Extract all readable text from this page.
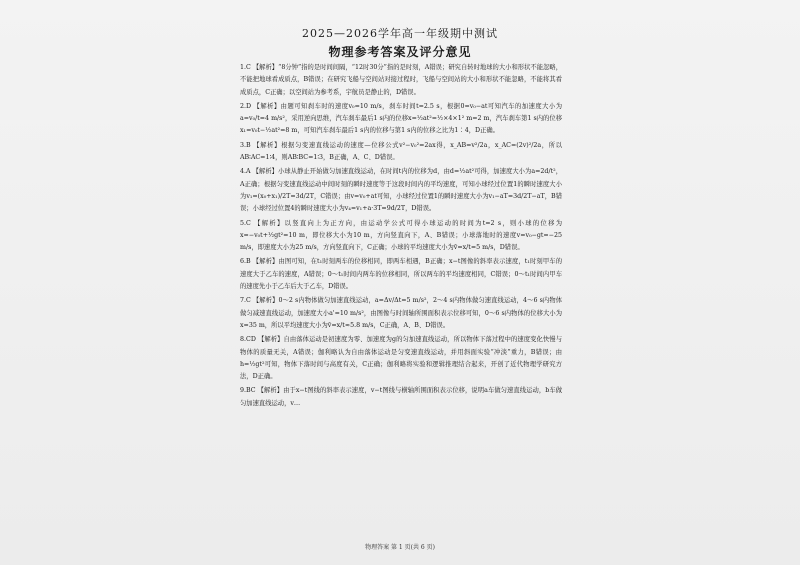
2025—2026学年高一年级期中测试
物理参考答案及评分意见

1.C 【解析】“8分钟”指的是时间间隔，“12时30分”指的是时刻，A错误；研究自转时地球的大小和形状不能忽略，不能把地球看成质点，B错误；在研究飞船与空间站对接过程时，飞船与空间站的大小和形状不能忽略，不能将其看成质点，C正确；以空间站为参考系，宇航员是静止的，D错误。

2.D 【解析】由题可知刹车时的速度v₀=10 m/s，刹车时间t=2.5 s，根据0=v₀−at可知汽车的加速度大小为a=v₀/t=4 m/s²，采用逆向思维，汽车刹车最后1 s内的位移x=½at²=½×4×1² m=2 m，汽车刹车第1 s内的位移x₁=v₀t−½at²=8 m，可知汽车刹车最后1 s内的位移与第1 s内的位移之比为1∶4，D正确。

3.B 【解析】根据匀变速直线运动的速度—位移公式v²−v₀²=2ax得，x_AB=v²/2a，x_AC=(2v)²/2a，所以AB∶AC=1∶4，则AB∶BC=1∶3，B正确，A、C、D错误。

4.A 【解析】小球从静止开始做匀加速直线运动，在时间t内的位移为d，由d=½at²可得，加速度大小为a=2d/t²，A正确；根据匀变速直线运动中间时刻的瞬时速度等于这段时间内的平均速度，可知小球经过位置1的瞬时速度大小为v₁=(x₀+x₁)/2T=3d/2T，C错误；由v=v₀+at可知，小球经过位置1的瞬时速度大小为v₁−aT=3d/2T−aT，B错误；小球经过位置4的瞬时速度大小为v₄=v₁+a·3T=9d/2T，D错误。

5.C 【解析】以竖直向上为正方向，由运动学公式可得小球运动的时间为t=2 s，则小球的位移为x=−v₀t+½gt²=10 m，即位移大小为10 m，方向竖直向下，A、B错误；小球落地时的速度v=v₀−gt=−25 m/s，即速度大小为25 m/s，方向竖直向下，C正确；小球的平均速度大小为v̄=x/t=5 m/s，D错误。

6.B 【解析】由图可知，在t₁时刻两车的位移相同，即两车相遇，B正确；x−t图像的斜率表示速度，t₁时刻甲车的速度大于乙车的速度，A错误；0～t₁时间内两车的位移相同，所以两车的平均速度相同，C错误；0～t₁时间内甲车的速度先小于乙车后大于乙车，D错误。

7.C 【解析】0～2 s内物体做匀加速直线运动，a=Δv/Δt=5 m/s²，2～4 s内物体做匀速直线运动，4～6 s内物体做匀减速直线运动，加速度大小a'=10 m/s²，由图像与时间轴所围面积表示位移可知，0～6 s内物体的位移大小为x=35 m，所以平均速度大小为v̄=x/t≈5.8 m/s，C正确，A、B、D错误。

8.CD 【解析】自由落体运动是初速度为零、加速度为g的匀加速直线运动，所以物体下落过程中的速度变化快慢与物体的质量无关，A错误；伽利略认为自由落体运动是匀变速直线运动，并用斜面实验“冲淡”重力，B错误；由h=½gt²可知，物体下落时间与高度有关，C正确；伽利略将实验和逻辑推理结合起来，开创了近代物理学研究方法，D正确。

9.BC 【解析】由于x−t图线的斜率表示速度，v−t图线与横轴所围面积表示位移，说明a车做匀速直线运动，b车做匀加速直线运动，v…

物理答案 第 1 页(共 6 页)
